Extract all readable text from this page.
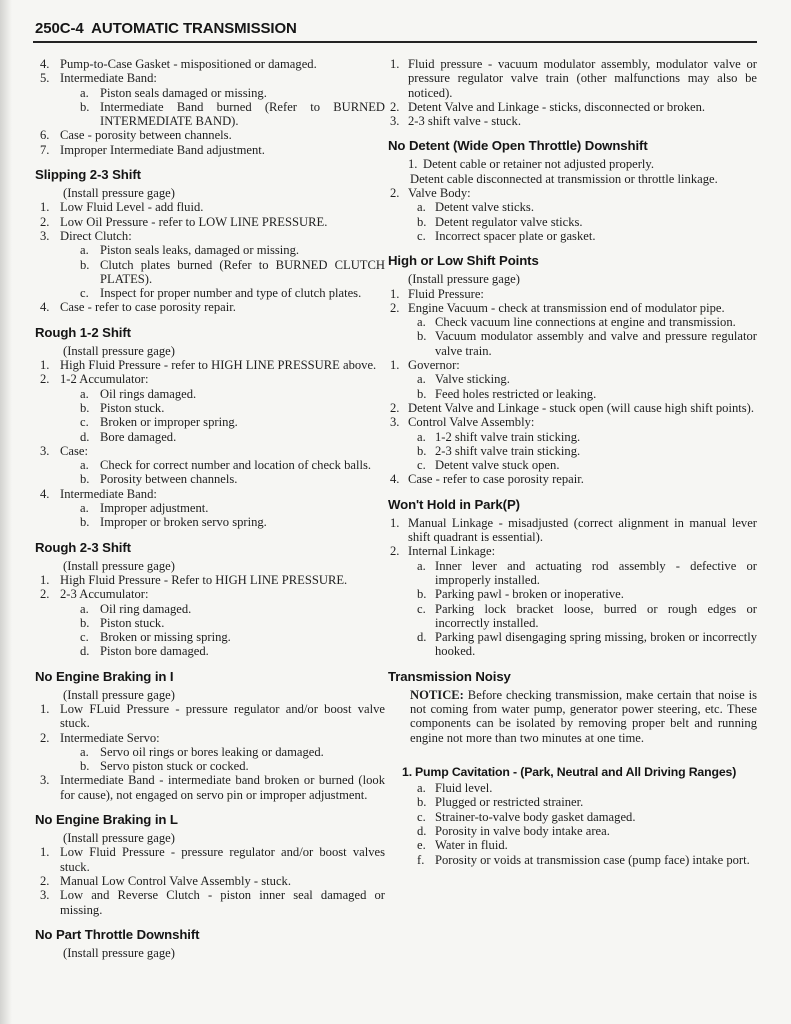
250C-4  AUTOMATIC TRANSMISSION
4. Pump-to-Case Gasket - mispositioned or damaged.
5. Intermediate Band:
a. Piston seals damaged or missing.
b. Intermediate Band burned (Refer to BURNED INTERMEDIATE BAND).
6. Case - porosity between channels.
7. Improper Intermediate Band adjustment.
Slipping 2-3 Shift
(Install pressure gage)
1. Low Fluid Level - add fluid.
2. Low Oil Pressure - refer to LOW LINE PRESSURE.
3. Direct Clutch:
a. Piston seals leaks, damaged or missing.
b. Clutch plates burned (Refer to BURNED CLUTCH PLATES).
c. Inspect for proper number and type of clutch plates.
4. Case - refer to case porosity repair.
Rough 1-2 Shift
(Install pressure gage)
1. High Fluid Pressure - refer to HIGH LINE PRESSURE above.
2. 1-2 Accumulator:
a. Oil rings damaged.
b. Piston stuck.
c. Broken or improper spring.
d. Bore damaged.
3. Case:
a. Check for correct number and location of check balls.
b. Porosity between channels.
4. Intermediate Band:
a. Improper adjustment.
b. Improper or broken servo spring.
Rough 2-3 Shift
(Install pressure gage)
1. High Fluid Pressure - Refer to HIGH LINE PRESSURE.
2. 2-3 Accumulator:
a. Oil ring damaged.
b. Piston stuck.
c. Broken or missing spring.
d. Piston bore damaged.
No Engine Braking in I
(Install pressure gage)
1. Low FLuid Pressure - pressure regulator and/or boost valve stuck.
2. Intermediate Servo:
a. Servo oil rings or bores leaking or damaged.
b. Servo piston stuck or cocked.
3. Intermediate Band - intermediate band broken or burned (look for cause), not engaged on servo pin or improper adjustment.
No Engine Braking in L
(Install pressure gage)
1. Low Fluid Pressure - pressure regulator and/or boost valves stuck.
2. Manual Low Control Valve Assembly - stuck.
3. Low and Reverse Clutch - piston inner seal damaged or missing.
No Part Throttle Downshift
(Install pressure gage)
1. Fluid pressure - vacuum modulator assembly, modulator valve or pressure regulator valve train (other malfunctions may also be noticed).
2. Detent Valve and Linkage - sticks, disconnected or broken.
3. 2-3 shift valve - stuck.
No Detent (Wide Open Throttle) Downshift
1. Detent cable or retainer not adjusted properly.
Detent cable disconnected at transmission or throttle linkage.
2. Valve Body:
a. Detent valve sticks.
b. Detent regulator valve sticks.
c. Incorrect spacer plate or gasket.
High or Low Shift Points
(Install pressure gage)
1. Fluid Pressure:
2. Engine Vacuum - check at transmission end of modulator pipe.
a. Check vacuum line connections at engine and transmission.
b. Vacuum modulator assembly and valve and pressure regulator valve train.
1. Governor:
a. Valve sticking.
b. Feed holes restricted or leaking.
2. Detent Valve and Linkage - stuck open (will cause high shift points).
3. Control Valve Assembly:
a. 1-2 shift valve train sticking.
b. 2-3 shift valve train sticking.
c. Detent valve stuck open.
4. Case - refer to case porosity repair.
Won't Hold in Park(P)
1. Manual Linkage - misadjusted (correct alignment in manual lever shift quadrant is essential).
2. Internal Linkage:
a. Inner lever and actuating rod assembly - defective or improperly installed.
b. Parking pawl - broken or inoperative.
c. Parking lock bracket loose, burred or rough edges or incorrectly installed.
d. Parking pawl disengaging spring missing, broken or incorrectly hooked.
Transmission Noisy
NOTICE: Before checking transmission, make certain that noise is not coming from water pump, generator power steering, etc. These components can be isolated by removing proper belt and running engine not more than two minutes at one time.
1. Pump Cavitation - (Park, Neutral and All Driving Ranges)
a. Fluid level.
b. Plugged or restricted strainer.
c. Strainer-to-valve body gasket damaged.
d. Porosity in valve body intake area.
e. Water in fluid.
f. Porosity or voids at transmission case (pump face) intake port.
